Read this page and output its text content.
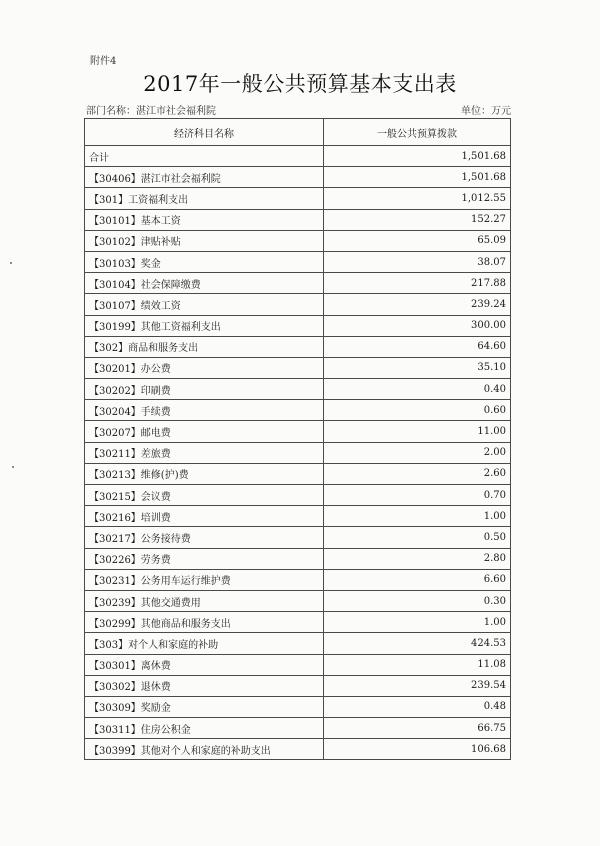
附件4
2017年一般公共预算基本支出表
部门名称：湛江市社会福利院	单位：万元
经济科目名称	一般公共预算拨款
合计	1,501.68
【30406】湛江市社会福利院	1,501.68
【301】工资福利支出	1,012.55
【30101】基本工资	152.27
【30102】津贴补贴	65.09
【30103】奖金	38.07
【30104】社会保障缴费	217.88
【30107】绩效工资	239.24
【30199】其他工资福利支出	300.00
【302】商品和服务支出	64.60
【30201】办公费	35.10
【30202】印刷费	0.40
【30204】手续费	0.60
【30207】邮电费	11.00
【30211】差旅费	2.00
【30213】维修(护)费	2.60
【30215】会议费	0.70
【30216】培训费	1.00
【30217】公务接待费	0.50
【30226】劳务费	2.80
【30231】公务用车运行维护费	6.60
【30239】其他交通费用	0.30
【30299】其他商品和服务支出	1.00
【303】对个人和家庭的补助	424.53
【30301】离休费	11.08
【30302】退休费	239.54
【30309】奖励金	0.48
【30311】住房公积金	66.75
【30399】其他对个人和家庭的补助支出	106.68
